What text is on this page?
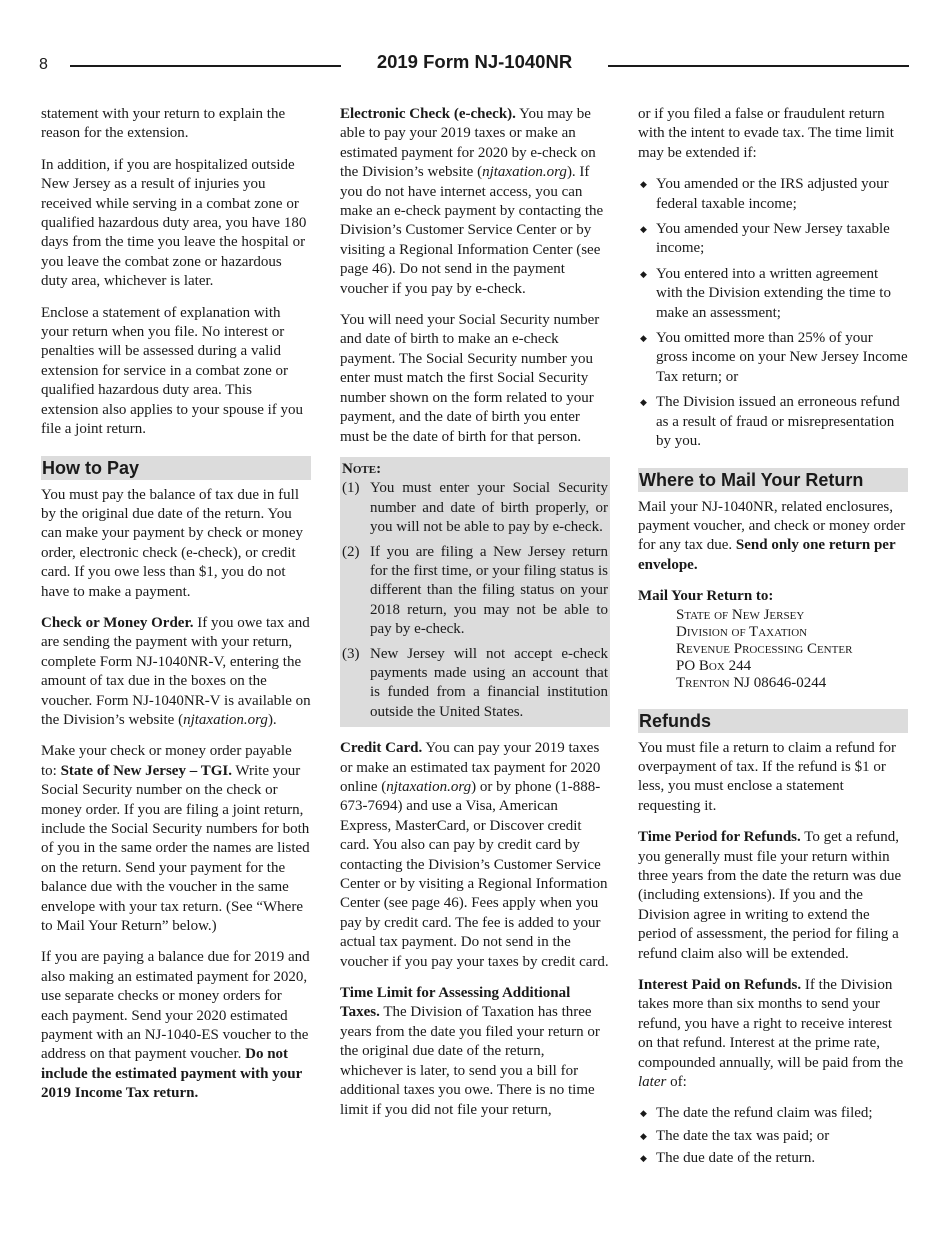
8	2019 Form NJ-1040NR

statement with your return to explain the reason for the extension.

In addition, if you are hospitalized outside New Jersey as a result of injuries you received while serving in a combat zone or qualified hazardous duty area, you have 180 days from the time you leave the hospital or you leave the combat zone or hazardous duty area, whichever is later.

Enclose a statement of explanation with your return when you file. No interest or penalties will be assessed during a valid extension for service in a combat zone or qualified hazardous duty area. This extension also applies to your spouse if you file a joint return.

How to Pay

You must pay the balance of tax due in full by the original due date of the return. You can make your payment by check or money order, electronic check (e-check), or credit card. If you owe less than $1, you do not have to make a payment.

Check or Money Order. If you owe tax and are sending the payment with your return, complete Form NJ-1040NR-V, entering the amount of tax due in the boxes on the voucher. Form NJ-1040NR-V is available on the Division’s website (njtaxation.org).

Make your check or money order payable to: State of New Jersey – TGI. Write your Social Security number on the check or money order. If you are filing a joint return, include the Social Security numbers for both of you in the same order the names are listed on the return. Send your payment for the balance due with the voucher in the same envelope with your tax return. (See “Where to Mail Your Return” below.)

If you are paying a balance due for 2019 and also making an estimated payment for 2020, use separate checks or money orders for each payment. Send your 2020 estimated payment with an NJ-1040-ES voucher to the address on that payment voucher. Do not include the estimated payment with your 2019 Income Tax return.

Electronic Check (e-check). You may be able to pay your 2019 taxes or make an estimated payment for 2020 by e-check on the Division’s website (njtaxation.org). If you do not have internet access, you can make an e-check payment by contacting the Division’s Customer Service Center or by visiting a Regional Information Center (see page 46). Do not send in the payment voucher if you pay by e-check.

You will need your Social Security number and date of birth to make an e-check payment. The Social Security number you enter must match the first Social Security number shown on the form related to your payment, and the date of birth you enter must be the date of birth for that person.

Note:
(1) You must enter your Social Security number and date of birth properly, or you will not be able to pay by e-check.
(2) If you are filing a New Jersey return for the first time, or your filing status is different than the filing status on your 2018 return, you may not be able to pay by e-check.
(3) New Jersey will not accept e-check payments made using an account that is funded from a financial institution outside the United States.

Credit Card. You can pay your 2019 taxes or make an estimated tax payment for 2020 online (njtaxation.org) or by phone (1-888-673-7694) and use a Visa, American Express, MasterCard, or Discover credit card. You also can pay by credit card by contacting the Division’s Customer Service Center or by visiting a Regional Information Center (see page 46). Fees apply when you pay by credit card. The fee is added to your actual tax payment. Do not send in the voucher if you pay your taxes by credit card.

Time Limit for Assessing Additional Taxes. The Division of Taxation has three years from the date you filed your return or the original due date of the return, whichever is later, to send you a bill for additional taxes you owe. There is no time limit if you did not file your return,

or if you filed a false or fraudulent return with the intent to evade tax. The time limit may be extended if:

◆ You amended or the IRS adjusted your federal taxable income;
◆ You amended your New Jersey taxable income;
◆ You entered into a written agreement with the Division extending the time to make an assessment;
◆ You omitted more than 25% of your gross income on your New Jersey Income Tax return; or
◆ The Division issued an erroneous refund as a result of fraud or misrepresentation by you.
Where to Mail Your Return

Mail your NJ-1040NR, related enclosures, payment voucher, and check or money order for any tax due. Send only one return per envelope.

Mail Your Return to:

State of New Jersey
Division of Taxation
Revenue Processing Center
PO Box 244
Trenton NJ 08646-0244
Refunds

You must file a return to claim a refund for overpayment of tax. If the refund is $1 or less, you must enclose a statement requesting it.

Time Period for Refunds. To get a refund, you generally must file your return within three years from the date the return was due (including extensions). If you and the Division agree in writing to extend the period of assessment, the period for filing a refund claim also will be extended.

Interest Paid on Refunds. If the Division takes more than six months to send your refund, you have a right to receive interest on that refund. Interest at the prime rate, compounded annually, will be paid from the later of:

◆ The date the refund claim was filed;
◆ The date the tax was paid; or
◆ The due date of the return.
